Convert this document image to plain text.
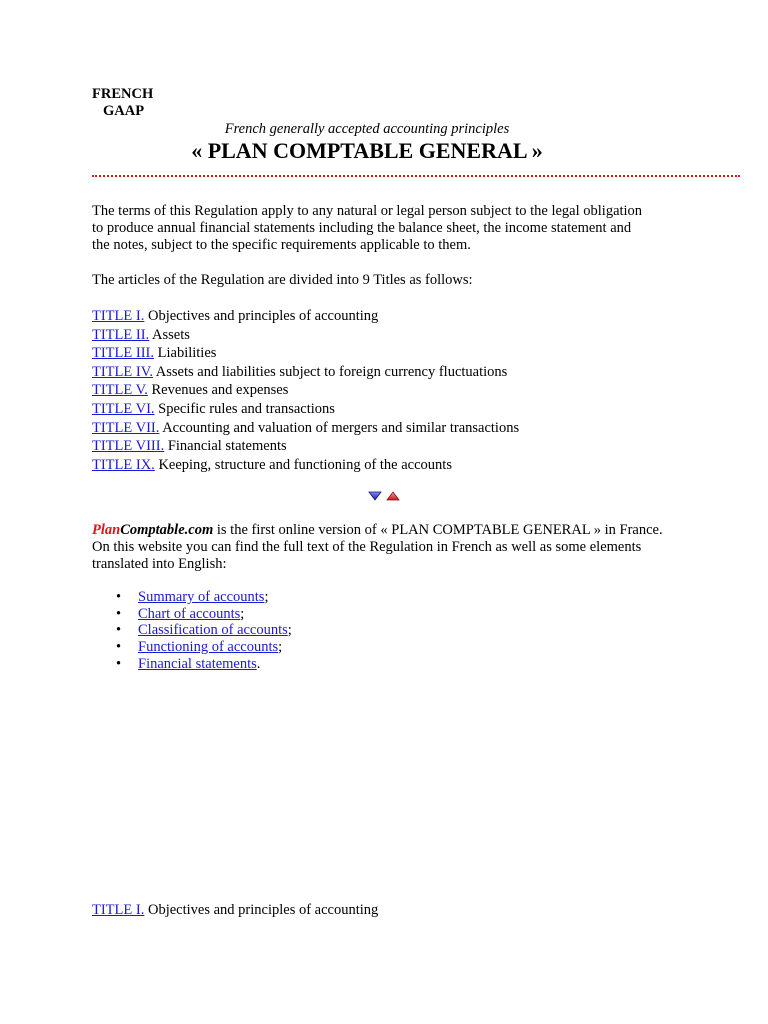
FRENCH
GAAP
French generally accepted accounting principles
« PLAN COMPTABLE GENERAL »

The terms of this Regulation apply to any natural or legal person subject to the legal obligation to produce annual financial statements including the balance sheet, the income statement and the notes, subject to the specific requirements applicable to them.

The articles of the Regulation are divided into 9 Titles as follows:

TITLE I. Objectives and principles of accounting
TITLE II. Assets
TITLE III. Liabilities
TITLE IV. Assets and liabilities subject to foreign currency fluctuations
TITLE V. Revenues and expenses
TITLE VI. Specific rules and transactions
TITLE VII. Accounting and valuation of mergers and similar transactions
TITLE VIII. Financial statements
TITLE IX. Keeping, structure and functioning of the accounts

PlanComptable.com is the first online version of « PLAN COMPTABLE GENERAL » in France. On this website you can find the full text of the Regulation in French as well as some elements translated into English:

• Summary of accounts;
• Chart of accounts;
• Classification of accounts;
• Functioning of accounts;
• Financial statements.
TITLE I. Objectives and principles of accounting
